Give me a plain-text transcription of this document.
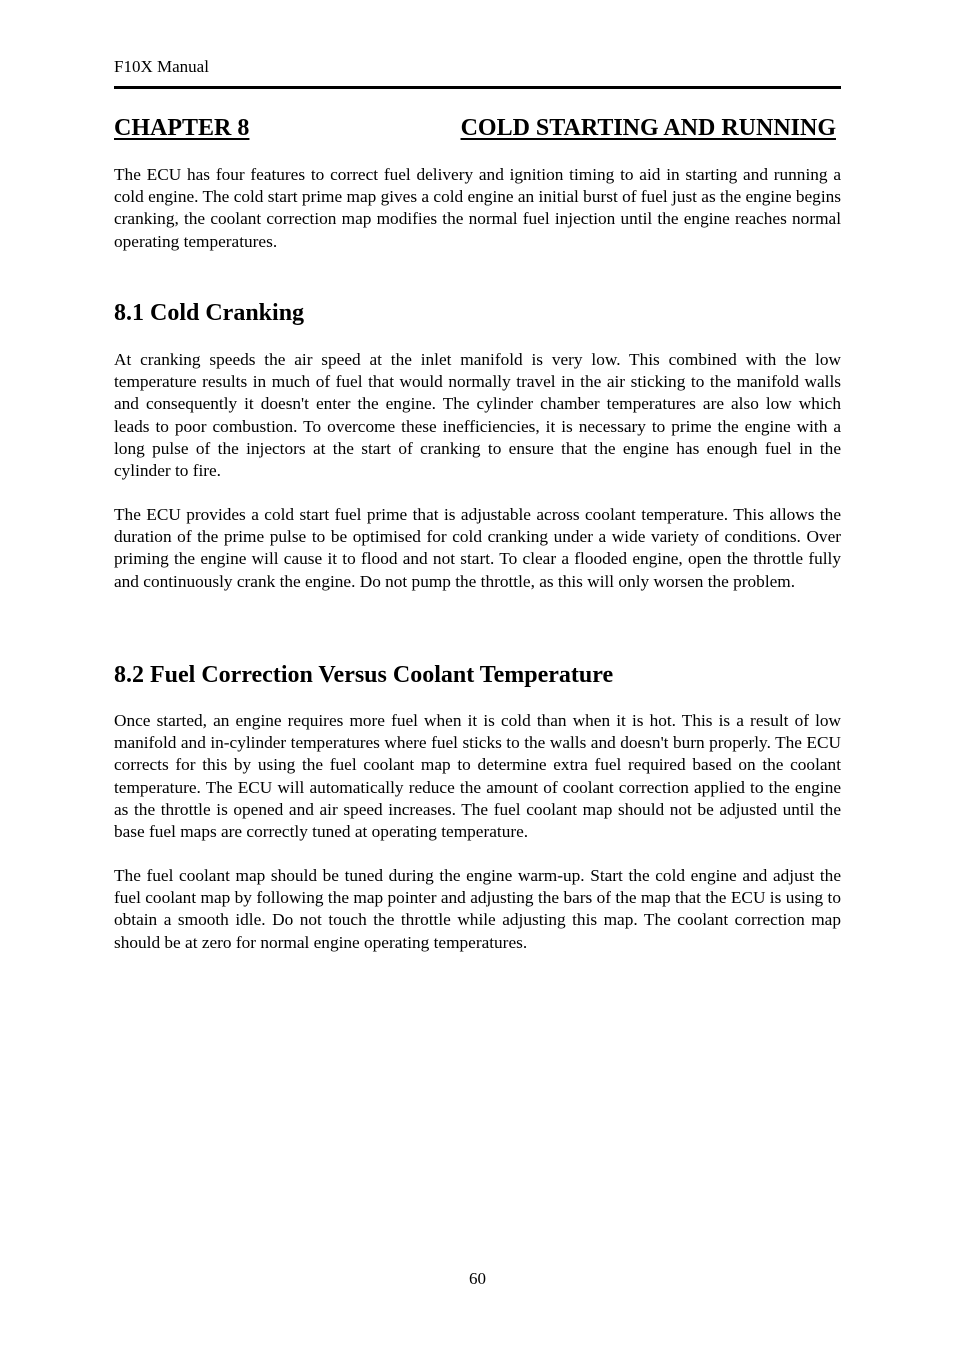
F10X Manual
CHAPTER 8	COLD STARTING AND RUNNING

The ECU has four features to correct fuel delivery and ignition timing to aid in starting and running a cold engine. The cold start prime map gives a cold engine an initial burst of fuel just as the engine begins cranking, the coolant correction map modifies the normal fuel injection until the engine reaches normal operating temperatures.

8.1 Cold Cranking

At cranking speeds the air speed at the inlet manifold is very low. This combined with the low temperature results in much of fuel that would normally travel in the air sticking to the manifold walls and consequently it doesn't enter the engine. The cylinder chamber temperatures are also low which leads to poor combustion. To overcome these inefficiencies, it is necessary to prime the engine with a long pulse of the injectors at the start of cranking to ensure that the engine has enough fuel in the cylinder to fire.

The ECU provides a cold start fuel prime that is adjustable across coolant temperature. This allows the duration of the prime pulse to be optimised for cold cranking under a wide variety of conditions. Over priming the engine will cause it to flood and not start. To clear a flooded engine, open the throttle fully and continuously crank the engine. Do not pump the throttle, as this will only worsen the problem.

8.2 Fuel Correction Versus Coolant Temperature

Once started, an engine requires more fuel when it is cold than when it is hot. This is a result of low manifold and in-cylinder temperatures where fuel sticks to the walls and doesn't burn properly. The ECU corrects for this by using the fuel coolant map to determine extra fuel required based on the coolant temperature. The ECU will automatically reduce the amount of coolant correction applied to the engine as the throttle is opened and air speed increases. The fuel coolant map should not be adjusted until the base fuel maps are correctly tuned at operating temperature.

The fuel coolant map should be tuned during the engine warm-up. Start the cold engine and adjust the fuel coolant map by following the map pointer and adjusting the bars of the map that the ECU is using to obtain a smooth idle. Do not touch the throttle while adjusting this map. The coolant correction map should be at zero for normal engine operating temperatures.

60
